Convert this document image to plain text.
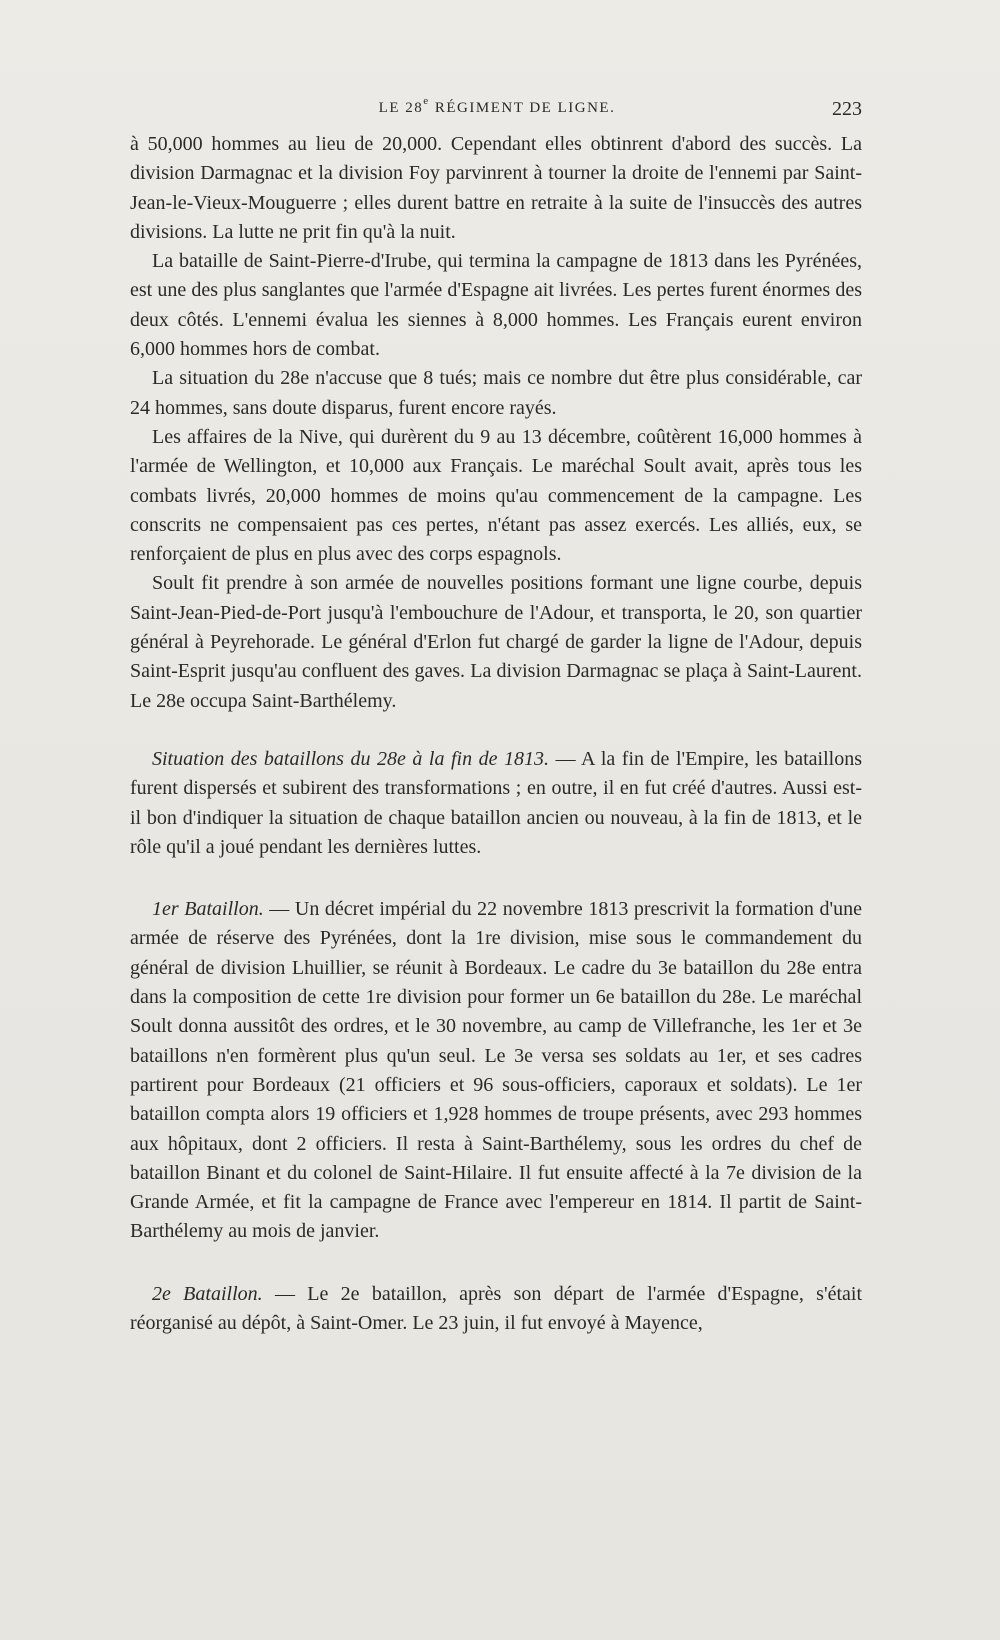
LE 28e RÉGIMENT DE LIGNE.	223

à 50,000 hommes au lieu de 20,000. Cependant elles obtinrent d'abord des succès. La division Darmagnac et la division Foy parvinrent à tourner la droite de l'ennemi par Saint-Jean-le-Vieux-Mouguerre ; elles durent battre en retraite à la suite de l'insuccès des autres divisions. La lutte ne prit fin qu'à la nuit.

La bataille de Saint-Pierre-d'Irube, qui termina la campagne de 1813 dans les Pyrénées, est une des plus sanglantes que l'armée d'Espagne ait livrées. Les pertes furent énormes des deux côtés. L'ennemi évalua les siennes à 8,000 hommes. Les Français eurent environ 6,000 hommes hors de combat.

La situation du 28e n'accuse que 8 tués; mais ce nombre dut être plus considérable, car 24 hommes, sans doute disparus, furent encore rayés.

Les affaires de la Nive, qui durèrent du 9 au 13 décembre, coûtèrent 16,000 hommes à l'armée de Wellington, et 10,000 aux Français. Le maréchal Soult avait, après tous les combats livrés, 20,000 hommes de moins qu'au commencement de la campagne. Les conscrits ne compensaient pas ces pertes, n'étant pas assez exercés. Les alliés, eux, se renforçaient de plus en plus avec des corps espagnols.

Soult fit prendre à son armée de nouvelles positions formant une ligne courbe, depuis Saint-Jean-Pied-de-Port jusqu'à l'embouchure de l'Adour, et transporta, le 20, son quartier général à Peyrehorade. Le général d'Erlon fut chargé de garder la ligne de l'Adour, depuis Saint-Esprit jusqu'au confluent des gaves. La division Darmagnac se plaça à Saint-Laurent. Le 28e occupa Saint-Barthélemy.

Situation des bataillons du 28e à la fin de 1813. — A la fin de l'Empire, les bataillons furent dispersés et subirent des transformations ; en outre, il en fut créé d'autres. Aussi est-il bon d'indiquer la situation de chaque bataillon ancien ou nouveau, à la fin de 1813, et le rôle qu'il a joué pendant les dernières luttes.

1er Bataillon. — Un décret impérial du 22 novembre 1813 prescrivit la formation d'une armée de réserve des Pyrénées, dont la 1re division, mise sous le commandement du général de division Lhuillier, se réunit à Bordeaux. Le cadre du 3e bataillon du 28e entra dans la composition de cette 1re division pour former un 6e bataillon du 28e. Le maréchal Soult donna aussitôt des ordres, et le 30 novembre, au camp de Villefranche, les 1er et 3e bataillons n'en formèrent plus qu'un seul. Le 3e versa ses soldats au 1er, et ses cadres partirent pour Bordeaux (21 officiers et 96 sous-officiers, caporaux et soldats). Le 1er bataillon compta alors 19 officiers et 1,928 hommes de troupe présents, avec 293 hommes aux hôpitaux, dont 2 officiers. Il resta à Saint-Barthélemy, sous les ordres du chef de bataillon Binant et du colonel de Saint-Hilaire. Il fut ensuite affecté à la 7e division de la Grande Armée, et fit la campagne de France avec l'empereur en 1814. Il partit de Saint-Barthélemy au mois de janvier.

2e Bataillon. — Le 2e bataillon, après son départ de l'armée d'Espagne, s'était réorganisé au dépôt, à Saint-Omer. Le 23 juin, il fut envoyé à Mayence,
